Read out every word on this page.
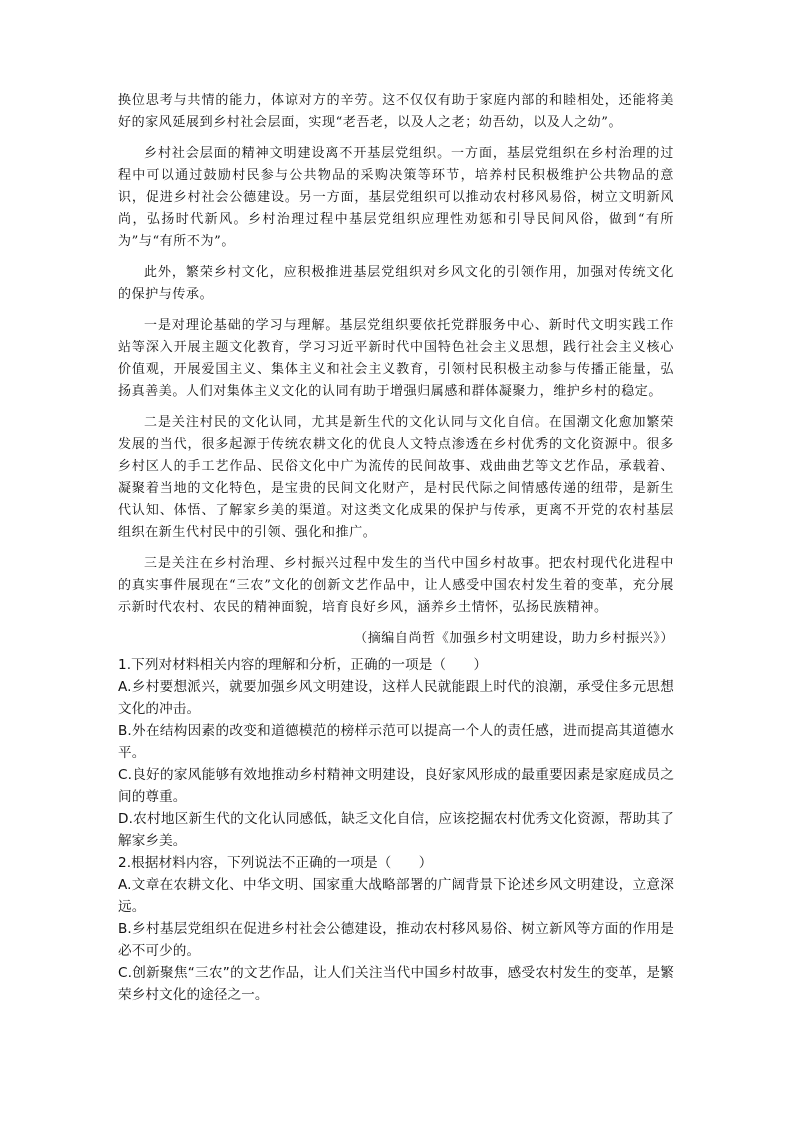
换位思考与共情的能力，体谅对方的辛劳。这不仅仅有助于家庭内部的和睦相处，还能将美好的家风延展到乡村社会层面，实现“老吾老，以及人之老；幼吾幼，以及人之幼”。

乡村社会层面的精神文明建设离不开基层党组织。一方面，基层党组织在乡村治理的过程中可以通过鼓励村民参与公共物品的采购决策等环节，培养村民积极维护公共物品的意识，促进乡村社会公德建设。另一方面，基层党组织可以推动农村移风易俗，树立文明新风尚，弘扬时代新风。乡村治理过程中基层党组织应理性劝惩和引导民间风俗，做到“有所为”与“有所不为”。

此外，繁荣乡村文化，应积极推进基层党组织对乡风文化的引领作用，加强对传统文化的保护与传承。

一是对理论基础的学习与理解。基层党组织要依托党群服务中心、新时代文明实践工作站等深入开展主题文化教育，学习习近平新时代中国特色社会主义思想，践行社会主义核心价值观，开展爱国主义、集体主义和社会主义教育，引领村民积极主动参与传播正能量，弘扬真善美。人们对集体主义文化的认同有助于增强归属感和群体凝聚力，维护乡村的稳定。

二是关注村民的文化认同，尤其是新生代的文化认同与文化自信。在国潮文化愈加繁荣发展的当代，很多起源于传统农耕文化的优良人文特点渗透在乡村优秀的文化资源中。很多乡村区人的手工艺作品、民俗文化中广为流传的民间故事、戏曲曲艺等文艺作品，承载着、凝聚着当地的文化特色，是宝贵的民间文化财产，是村民代际之间情感传递的纽带，是新生代认知、体悟、了解家乡美的渠道。对这类文化成果的保护与传承，更离不开党的农村基层组织在新生代村民中的引领、强化和推广。

三是关注在乡村治理、乡村振兴过程中发生的当代中国乡村故事。把农村现代化进程中的真实事件展现在“三农”文化的创新文艺作品中，让人感受中国农村发生着的变革，充分展示新时代农村、农民的精神面貌，培育良好乡风，涵养乡土情怀，弘扬民族精神。

（摘编自尚哲《加强乡村文明建设，助力乡村振兴》）

1.下列对材料相关内容的理解和分析，正确的一项是（　　）

A.乡村要想派兴，就要加强乡风文明建设，这样人民就能跟上时代的浪潮，承受住多元思想文化的冲击。

B.外在结构因素的改变和道德模范的榜样示范可以提高一个人的责任感，进而提高其道德水平。

C.良好的家风能够有效地推动乡村精神文明建设，良好家风形成的最重要因素是家庭成员之间的尊重。

D.农村地区新生代的文化认同感低，缺乏文化自信，应该挖掘农村优秀文化资源，帮助其了解家乡美。

2.根据材料内容，下列说法不正确的一项是（　　）

A.文章在农耕文化、中华文明、国家重大战略部署的广阔背景下论述乡风文明建设，立意深远。

B.乡村基层党组织在促进乡村社会公德建设，推动农村移风易俗、树立新风等方面的作用是必不可少的。

C.创新聚焦“三农”的文艺作品，让人们关注当代中国乡村故事，感受农村发生的变革，是繁荣乡村文化的途径之一。
